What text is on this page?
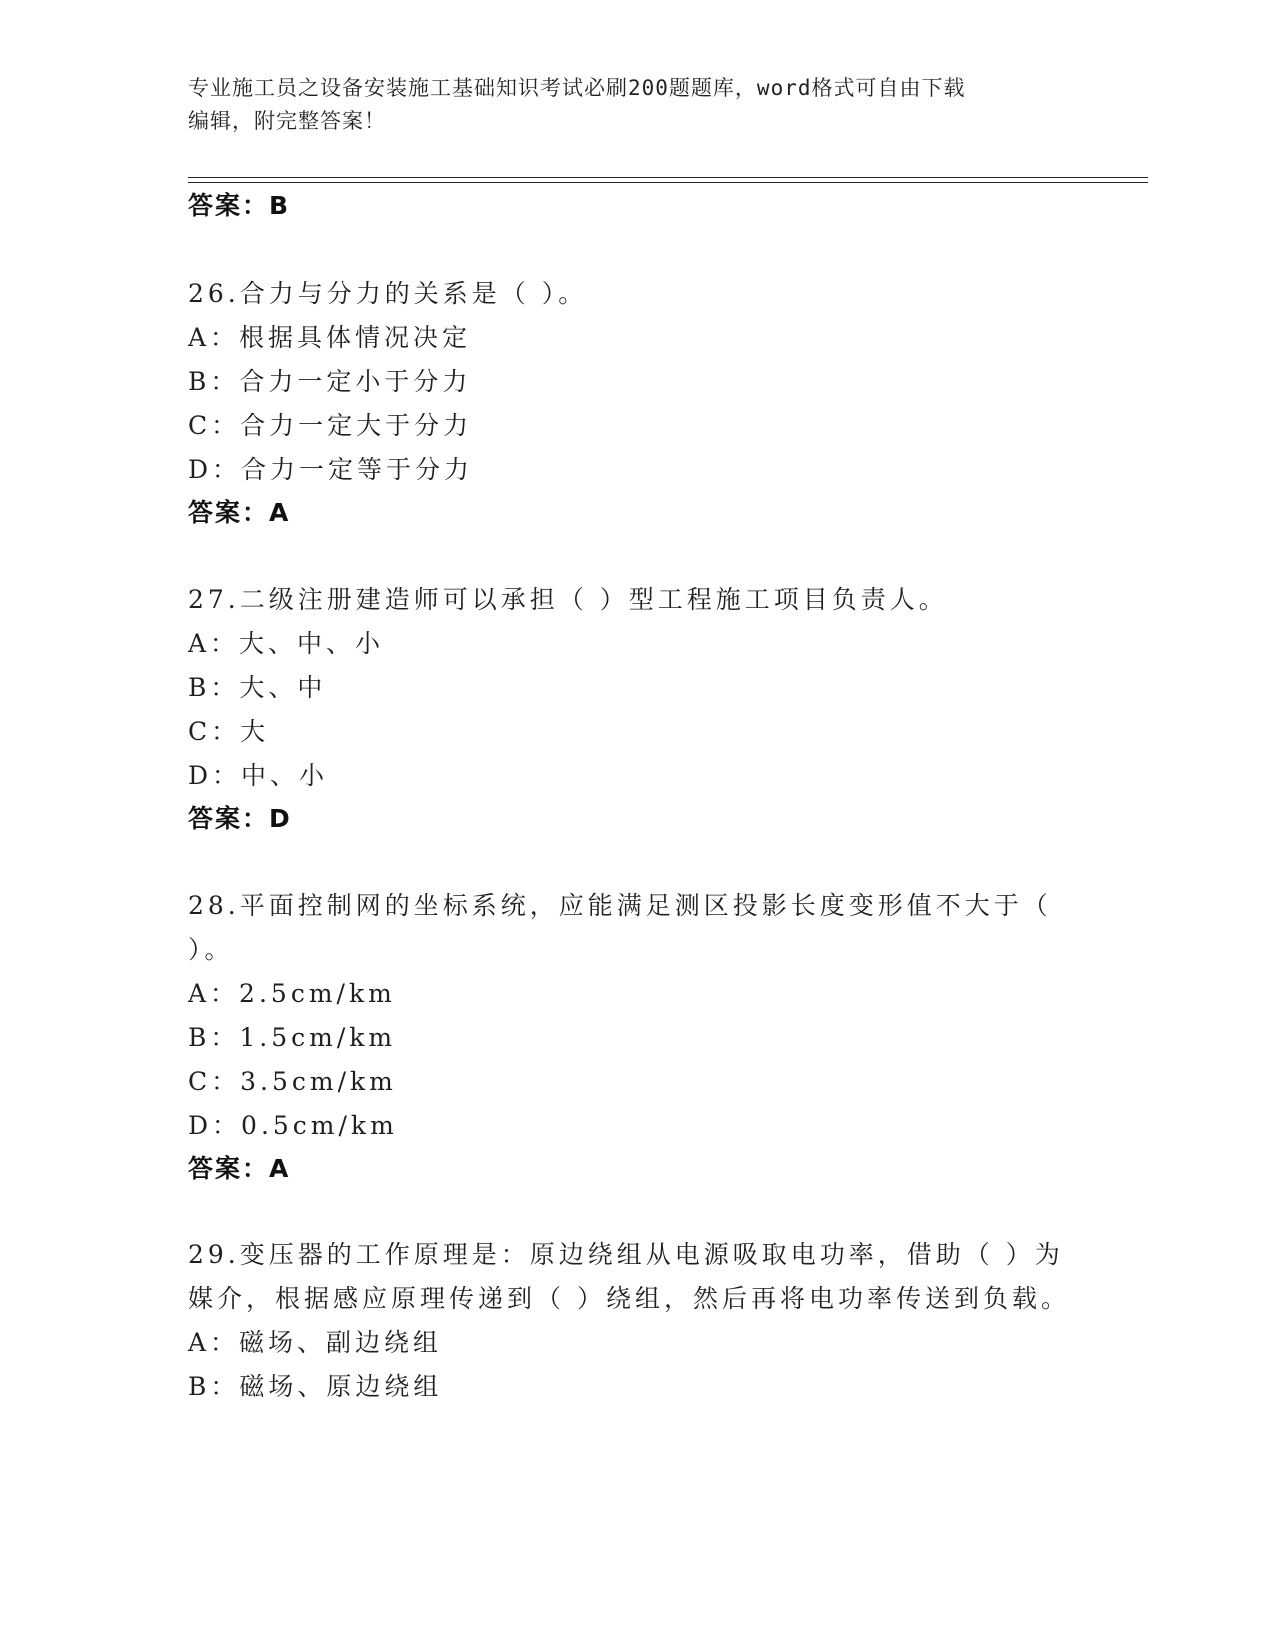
专业施工员之设备安装施工基础知识考试必刷200题题库，word格式可自由下载
编辑，附完整答案！
答案：B
26.合力与分力的关系是（ ）。
A：根据具体情况决定
B：合力一定小于分力
C：合力一定大于分力
D：合力一定等于分力
答案：A
27.二级注册建造师可以承担（ ）型工程施工项目负责人。
A：大、中、小
B：大、中
C：大
D：中、小
答案：D
28.平面控制网的坐标系统，应能满足测区投影长度变形值不大于（
）。
A：2.5cm/km
B：1.5cm/km
C：3.5cm/km
D：0.5cm/km
答案：A
29.变压器的工作原理是：原边绕组从电源吸取电功率，借助（ ）为
媒介，根据感应原理传递到（ ）绕组，然后再将电功率传送到负载。
A：磁场、副边绕组
B：磁场、原边绕组
